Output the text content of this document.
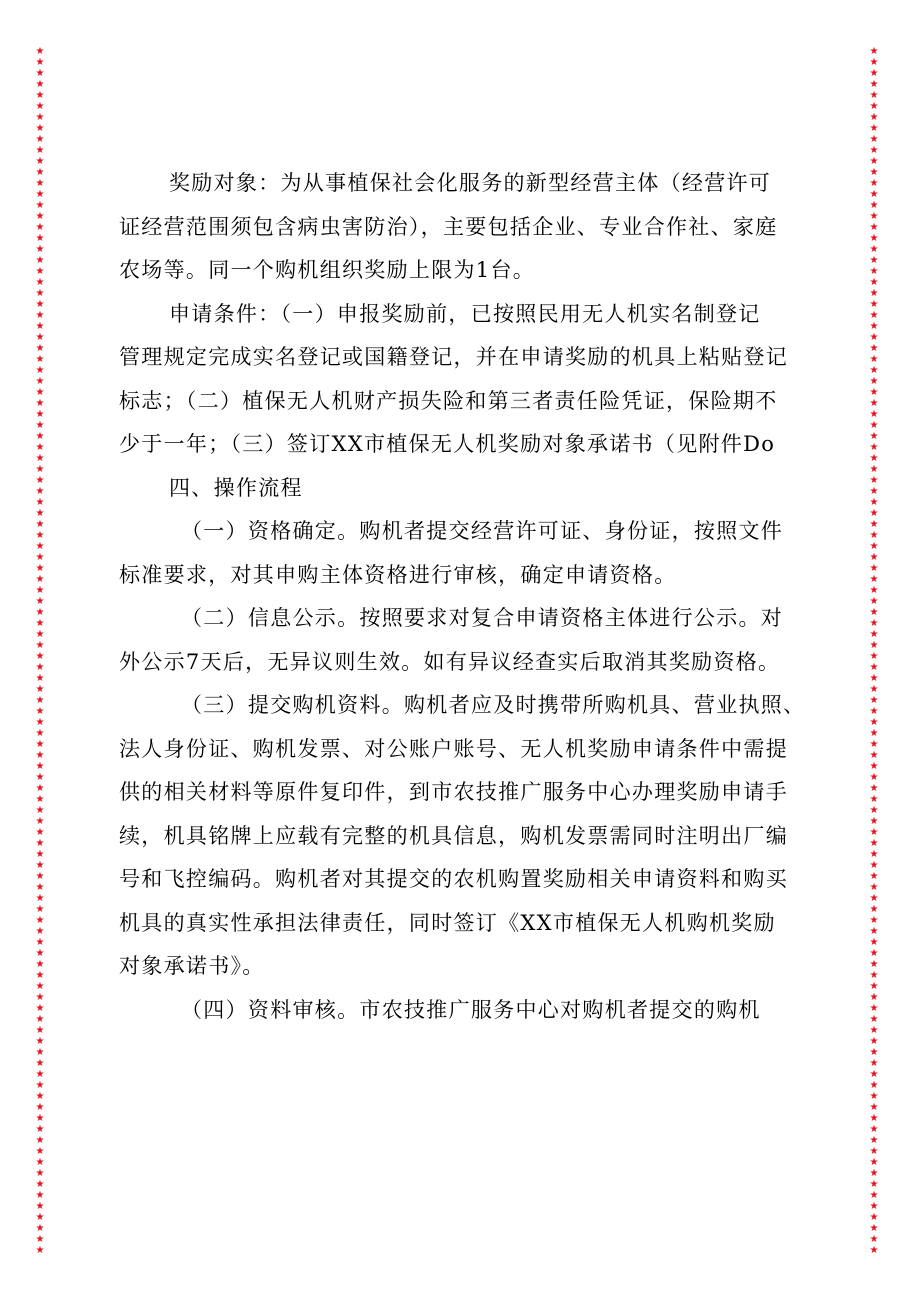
★
★
★
★
★
★
★
★
★
★
★
★
★
★
★
★
★
★
★
★
★
★
★
★
★
★
★
★
★
★
★
★
★
★
★
★
★
★
★
★
★
★
★
★
★
★
★
★
★
★
★
★
★
★
★
★
★
★
★
★
★
★
★
★
★
★
★
★
★
★
★
★
★
★
★
★
★
★
★
★
★
★
★
★
★
★
★
★
★
★
★
★
★
★
★
★
★
★
★
★
★
★
★
★
★
★
★
★
★
★
★
★
★
★
★
★
★
★
★
★
★
★
★
★
★
★
★
★
★
★
★
★
★
★
★
★
★
★
★
★
★
★
★
★
★
★
★
★
★
★
★
★
★
★
★
★
★
★
★
★
★
★
★
★
★
★
★
★
★
★
★
★
★
★
★
★
★
★
★
★
★
★
★
★
★
★
★
★
★
★
★
★
★
★
★
★
★
★
★
★
★
★
★
★
★
★
★
★
★
★
★
★
★
★
★
★
★
★
★
★

奖励对象：为从事植保社会化服务的新型经营主体（经营许可
证经营范围须包含病虫害防治），主要包括企业、专业合作社、家庭
农场等。同一个购机组织奖励上限为1台。

申请条件：（一）申报奖励前，已按照民用无人机实名制登记
管理规定完成实名登记或国籍登记，并在申请奖励的机具上粘贴登记
标志；（二）植保无人机财产损失险和第三者责任险凭证，保险期不
少于一年；（三）签订XX市植保无人机奖励对象承诺书（见附件Do

四、操作流程

（一）资格确定。购机者提交经营许可证、身份证，按照文件
标准要求，对其申购主体资格进行审核，确定申请资格。

（二）信息公示。按照要求对复合申请资格主体进行公示。对
外公示7天后，无异议则生效。如有异议经查实后取消其奖励资格。

（三）提交购机资料。购机者应及时携带所购机具、营业执照、
法人身份证、购机发票、对公账户账号、无人机奖励申请条件中需提
供的相关材料等原件复印件，到市农技推广服务中心办理奖励申请手
续，机具铭牌上应载有完整的机具信息，购机发票需同时注明出厂编
号和飞控编码。购机者对其提交的农机购置奖励相关申请资料和购买
机具的真实性承担法律责任，同时签订《XX市植保无人机购机奖励
对象承诺书》。

（四）资料审核。市农技推广服务中心对购机者提交的购机
